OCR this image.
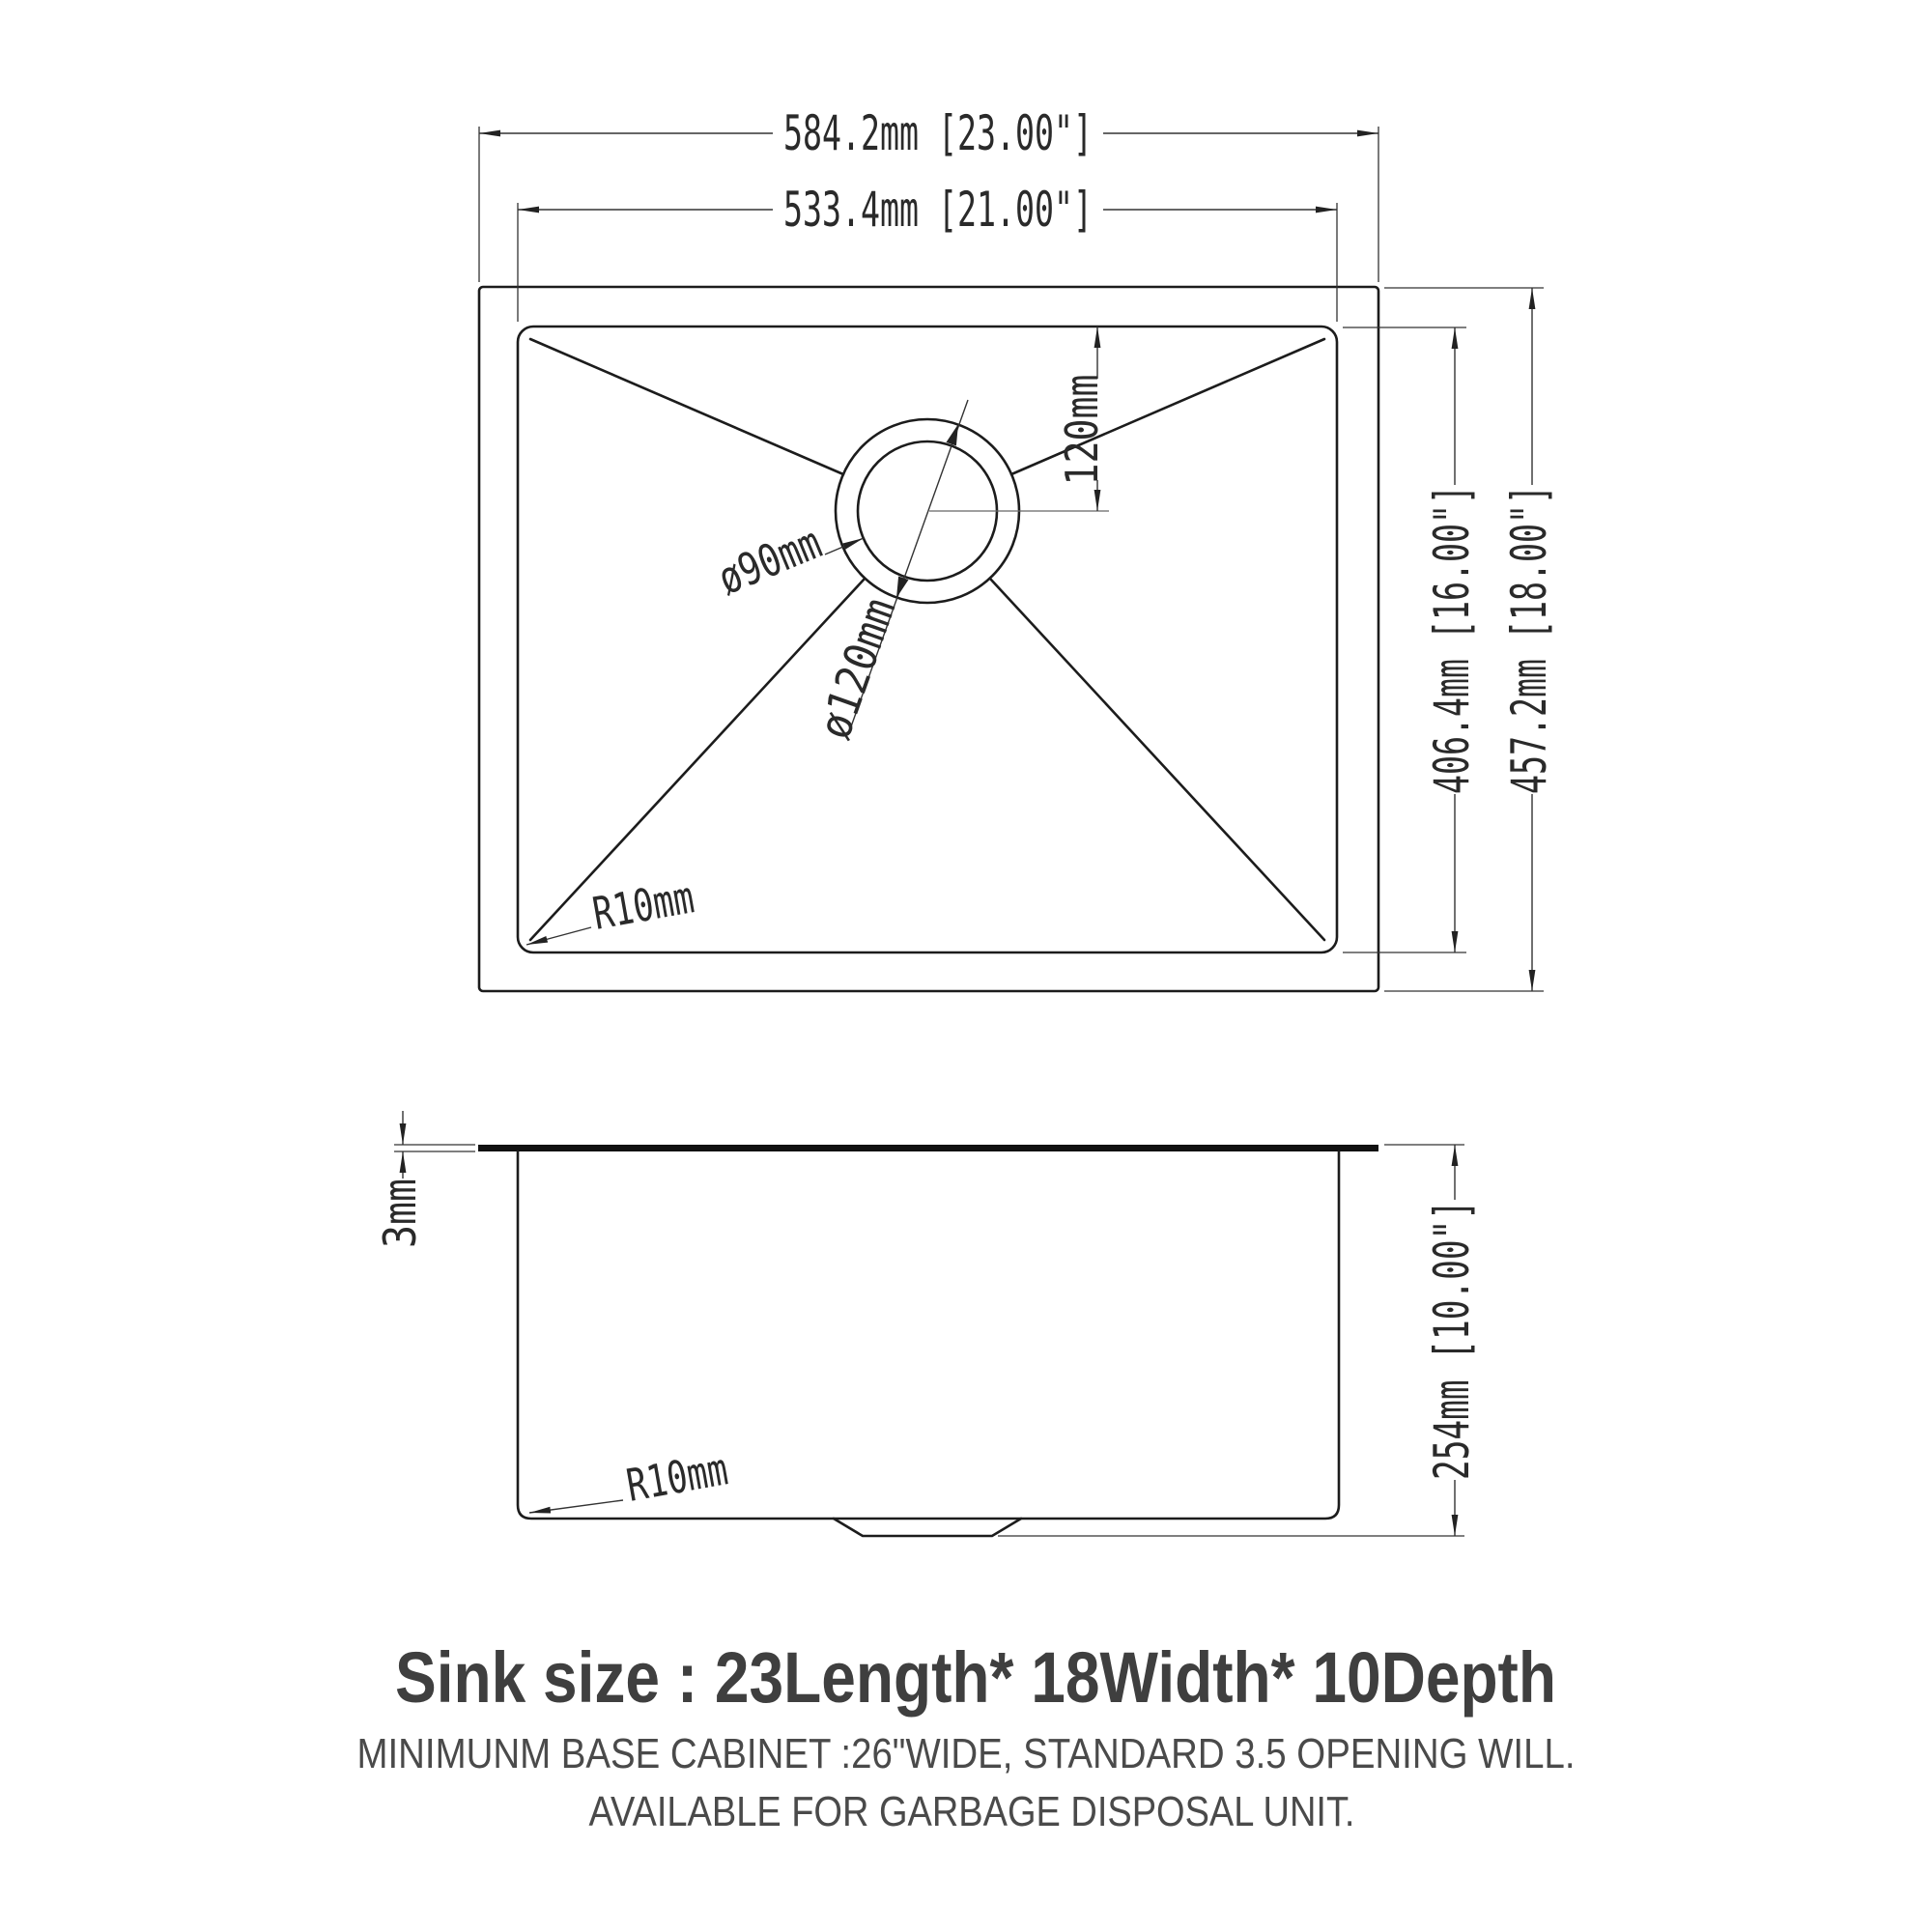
ø120mm
ø90mm
120mm
584.2mm [23.00"]
533.4mm [21.00"]
406.4mm [16.00"] 457.2mm [18.00"]
R10mm
3mm	254mm [10.00"]
R10mm
Sink size : 23Length* 18Width* 10Depth
MINIMUNM BASE CABINET :26"WIDE, STANDARD 3.5 OPENING WILL.
AVAILABLE FOR GARBAGE DISPOSAL UNIT.
